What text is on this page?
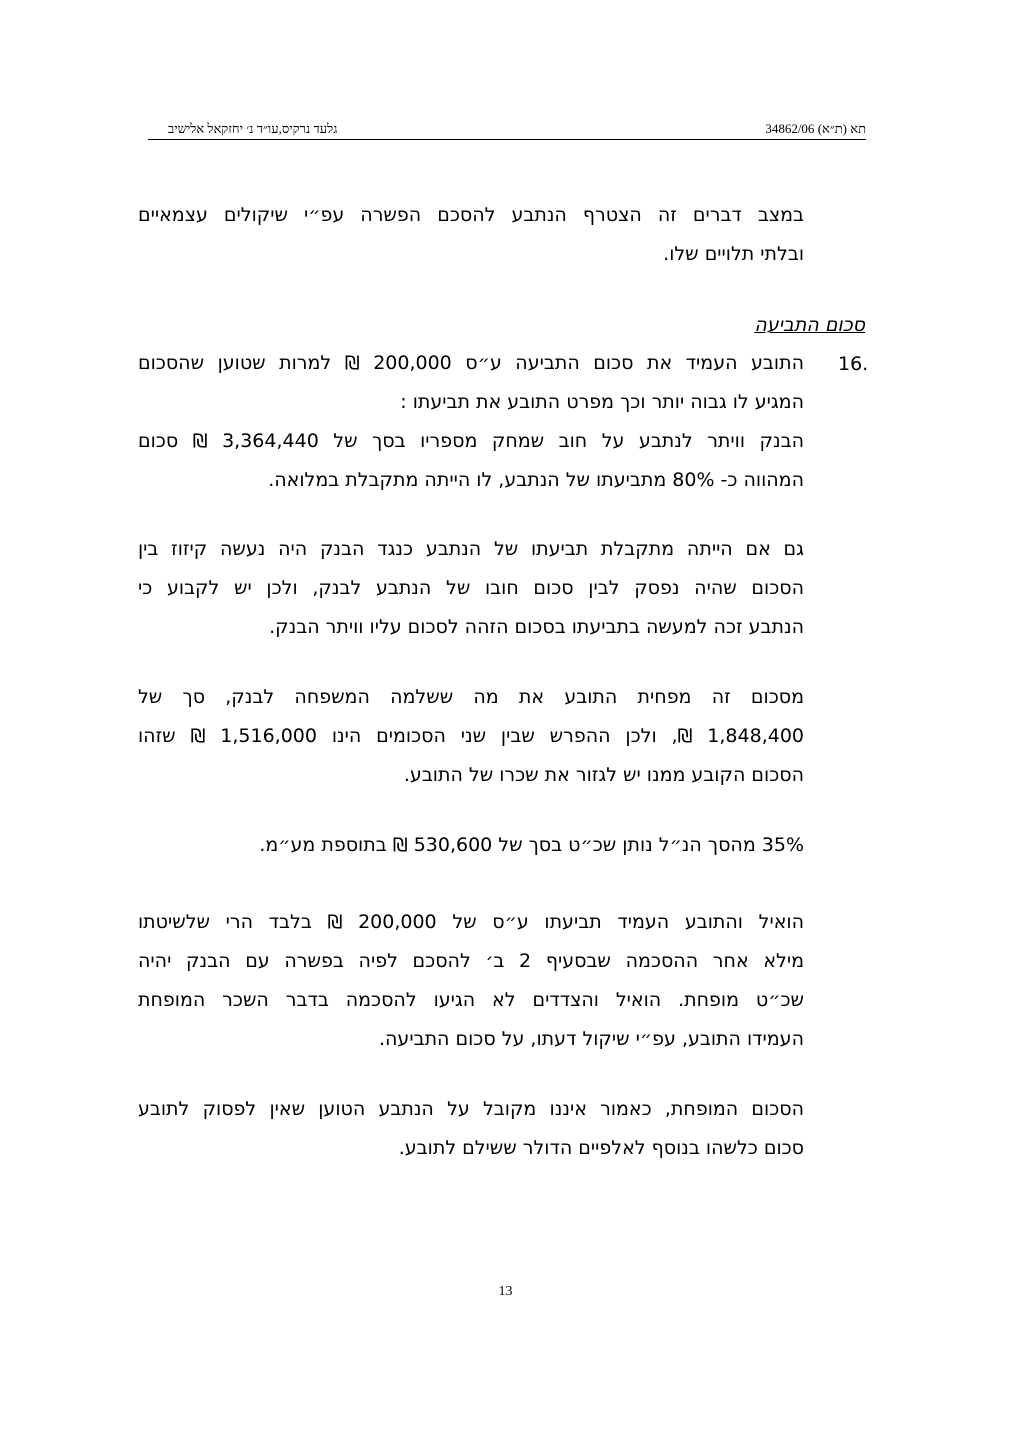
תא (ת״א) 34862/06
גלעד נרקיס,עו״ד נ׳ יחזקאל אלישיב
במצב דברים זה הצטרף הנתבע להסכם הפשרה עפ״י שיקולים עצמאיים
ובלתי תלויים שלו.
סכום התביעה
16.
התובע העמיד את סכום התביעה ע״ס 200,000 ₪ למרות שטוען שהסכום
המגיע לו גבוה יותר וכך מפרט התובע את תביעתו :
הבנק וויתר לנתבע על חוב שמחק מספריו בסך של 3,364,440 ₪ סכום
המהווה כ- 80% מתביעתו של הנתבע, לו הייתה מתקבלת במלואה.
גם אם הייתה מתקבלת תביעתו של הנתבע כנגד הבנק היה נעשה קיזוז בין
הסכום שהיה נפסק לבין סכום חובו של הנתבע לבנק, ולכן יש לקבוע כי
הנתבע זכה למעשה בתביעתו בסכום הזהה לסכום עליו וויתר הבנק.
מסכום זה מפחית התובע את מה ששלמה המשפחה לבנק, סך של
1,848,400 ₪, ולכן ההפרש שבין שני הסכומים הינו 1,516,000 ₪ שזהו
הסכום הקובע ממנו יש לגזור את שכרו של התובע.
35% מהסך הנ״ל נותן שכ״ט בסך של 530,600 ₪ בתוספת מע״מ.
הואיל והתובע העמיד תביעתו ע״ס של 200,000 ₪ בלבד הרי שלשיטתו
מילא אחר ההסכמה שבסעיף 2 ב׳ להסכם לפיה בפשרה עם הבנק יהיה
שכ״ט מופחת. הואיל והצדדים לא הגיעו להסכמה בדבר השכר המופחת
העמידו התובע, עפ״י שיקול דעתו, על סכום התביעה.
הסכום המופחת, כאמור איננו מקובל על הנתבע הטוען שאין לפסוק לתובע
סכום כלשהו בנוסף לאלפיים הדולר ששילם לתובע.
13
